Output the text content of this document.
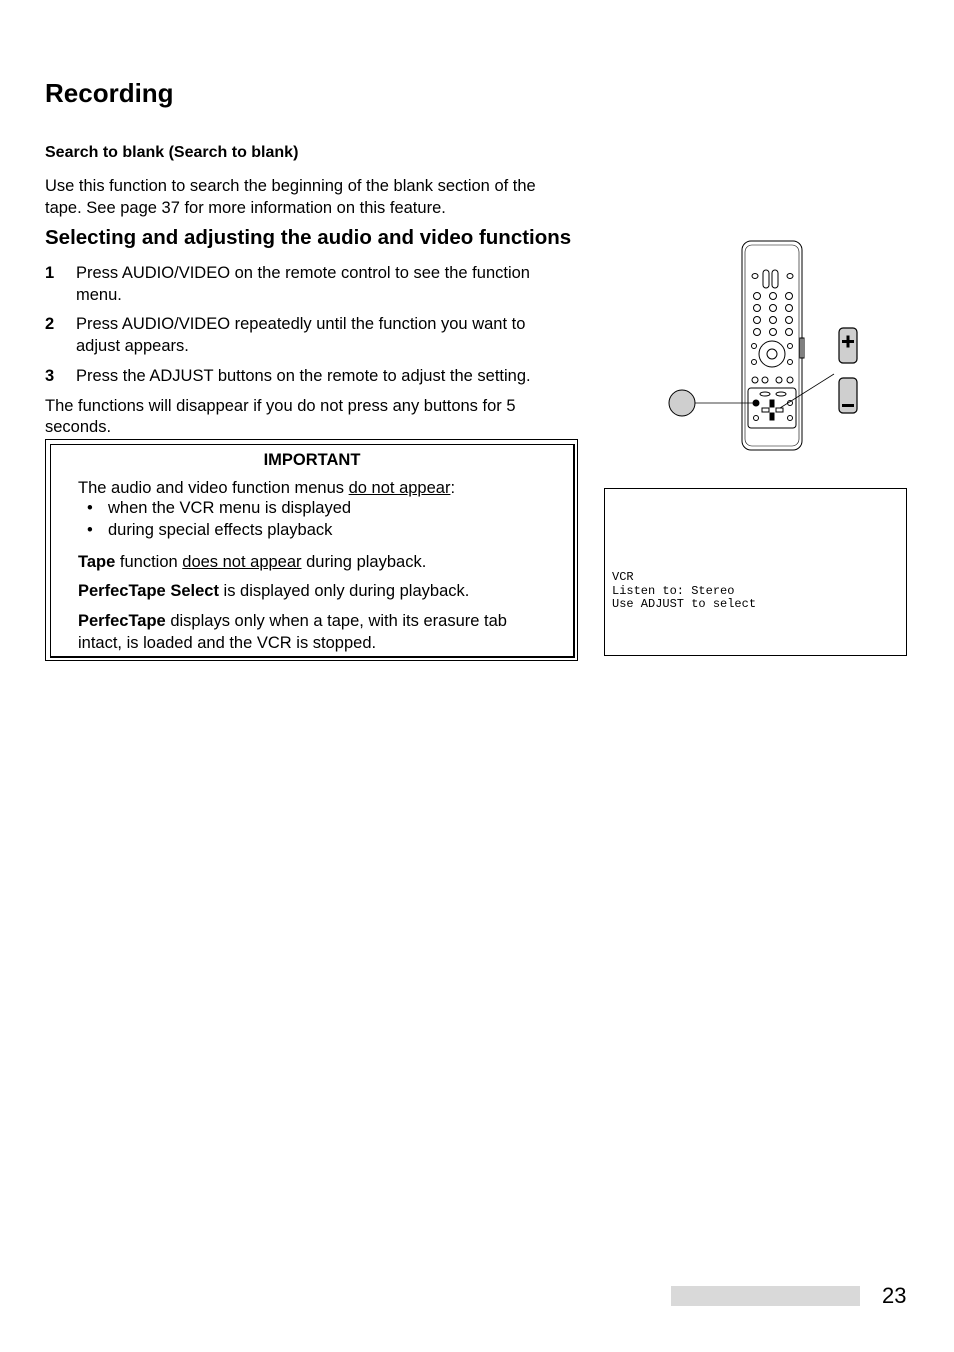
Recording
Search to blank (Search to blank)
Use this function to search the beginning of the blank section of the
tape. See page 37 for more information on this feature.
Selecting and adjusting the audio and video functions
1 Press AUDIO/VIDEO on the remote control to see the function
menu.
2 Press AUDIO/VIDEO repeatedly until the function you want to
adjust appears.
3 Press the ADJUST buttons on the remote to adjust the setting.
The functions will disappear if you do not press any buttons for 5
seconds.
IMPORTANT
The audio and video function menus do not appear:
• when the VCR menu is displayed
• during special effects playback
Tape function does not appear during playback.
PerfecTape Select is displayed only during playback.
PerfecTape displays only when a tape, with its erasure tab
intact, is loaded and the VCR is stopped.
VCR
Listen to: Stereo
Use ADJUST to select
23
